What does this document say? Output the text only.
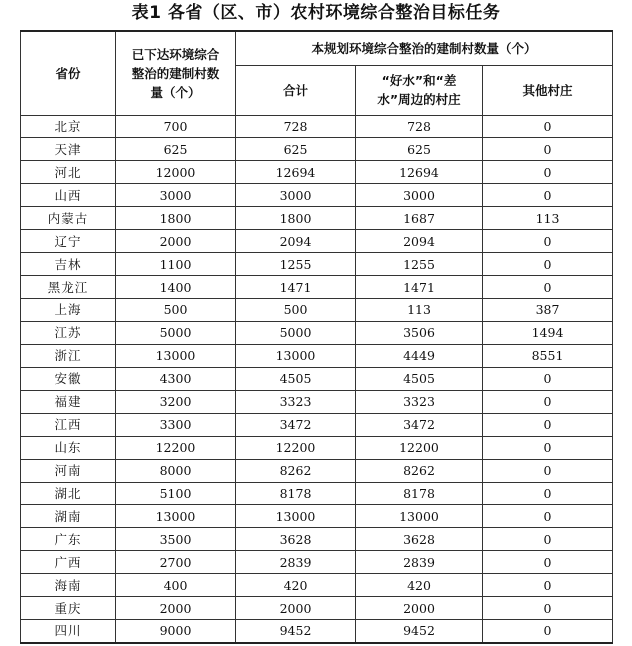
表1 各省（区、市）农村环境综合整治目标任务
省份	已下达环境综合整治的建制村数量（个）	本规划环境综合整治的建制村数量（个）		
		合计	“好水”和“差水”周边的村庄	其他村庄
北京	700	728	728	0
天津	625	625	625	0
河北	12000	12694	12694	0
山西	3000	3000	3000	0
内蒙古	1800	1800	1687	113
辽宁	2000	2094	2094	0
吉林	1100	1255	1255	0
黑龙江	1400	1471	1471	0
上海	500	500	113	387
江苏	5000	5000	3506	1494
浙江	13000	13000	4449	8551
安徽	4300	4505	4505	0
福建	3200	3323	3323	0
江西	3300	3472	3472	0
山东	12200	12200	12200	0
河南	8000	8262	8262	0
湖北	5100	8178	8178	0
湖南	13000	13000	13000	0
广东	3500	3628	3628	0
广西	2700	2839	2839	0
海南	400	420	420	0
重庆	2000	2000	2000	0
四川	9000	9452	9452	0
